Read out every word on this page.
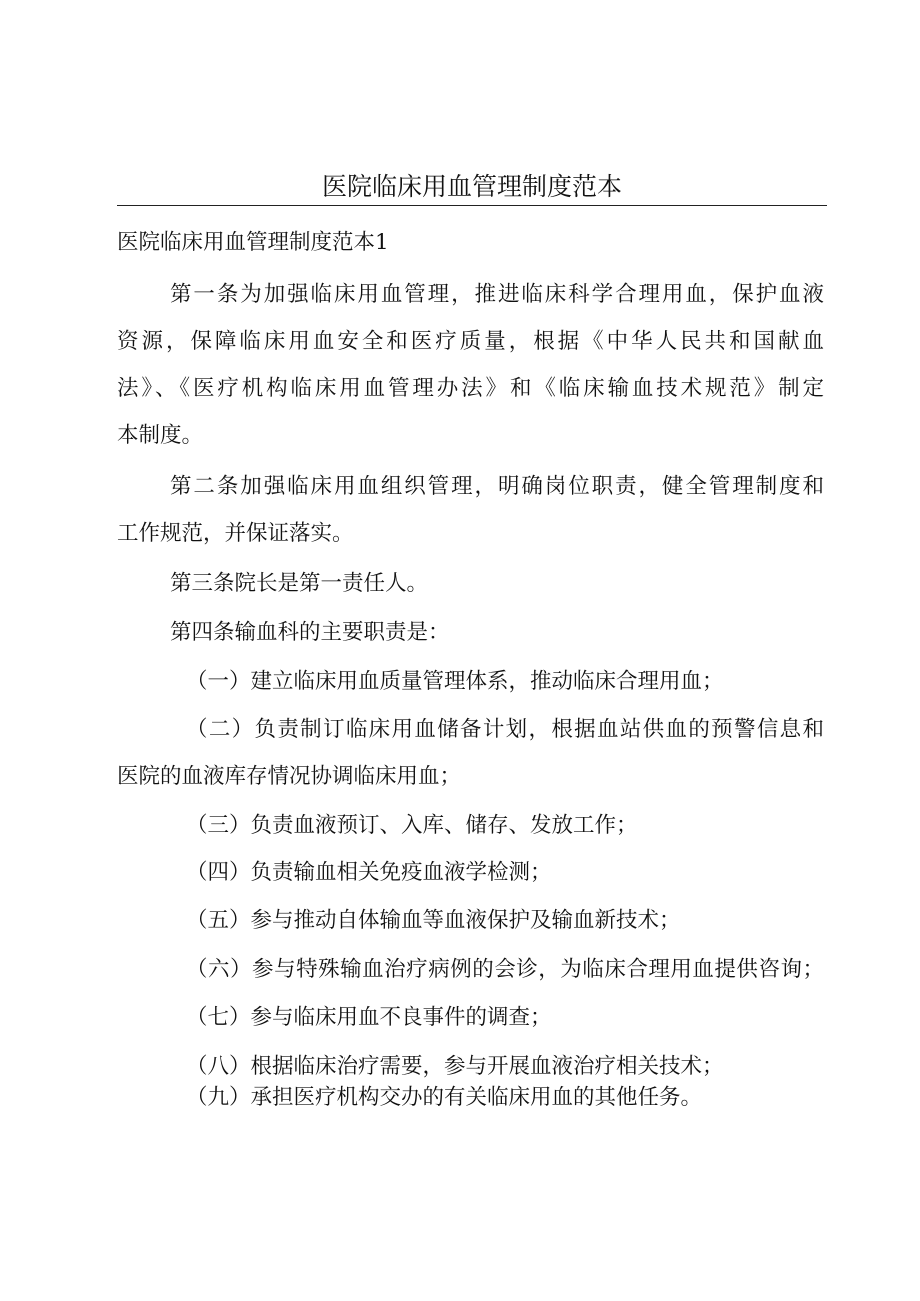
医院临床用血管理制度范本
医院临床用血管理制度范本1
第一条为加强临床用血管理，推进临床科学合理用血，保护血液
资源，保障临床用血安全和医疗质量，根据《中华人民共和国献血
法》、《医疗机构临床用血管理办法》和《临床输血技术规范》制定
本制度。
第二条加强临床用血组织管理，明确岗位职责，健全管理制度和
工作规范，并保证落实。
第三条院长是第一责任人。
第四条输血科的主要职责是：
（一）建立临床用血质量管理体系，推动临床合理用血；
（二）负责制订临床用血储备计划，根据血站供血的预警信息和
医院的血液库存情况协调临床用血；
（三）负责血液预订、入库、储存、发放工作；
（四）负责输血相关免疫血液学检测；
（五）参与推动自体输血等血液保护及输血新技术；
（六）参与特殊输血治疗病例的会诊，为临床合理用血提供咨询；
（七）参与临床用血不良事件的调查；
（八）根据临床治疗需要，参与开展血液治疗相关技术；
（九）承担医疗机构交办的有关临床用血的其他任务。
